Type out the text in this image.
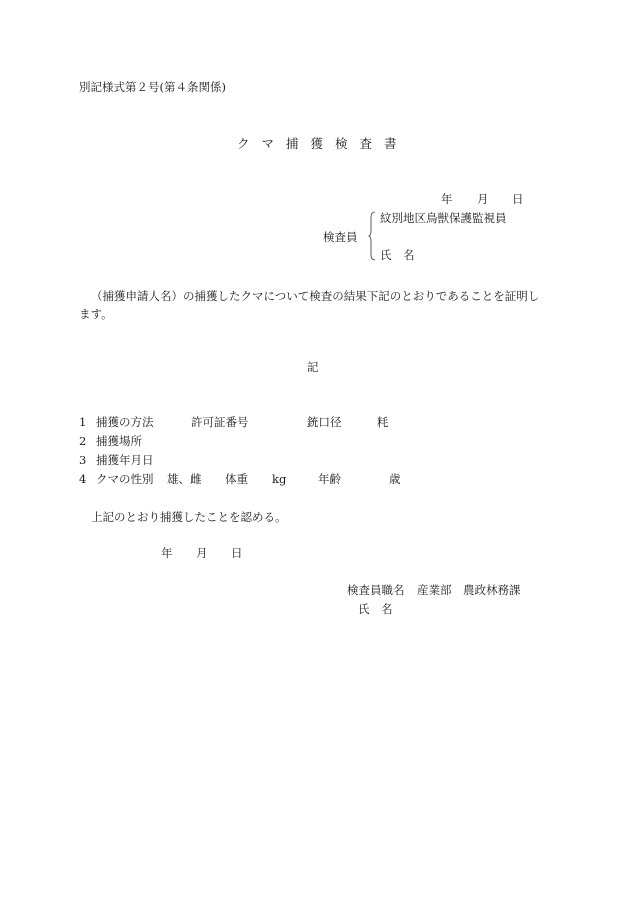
別記様式第２号(第４条関係)
クマ捕獲検査書
年 月 日
検査員
紋別地区鳥獣保護監視員
氏　名
（捕獲申請人名）の捕獲したクマについて検査の結果下記のとおりであることを証明します。
記
1 捕獲の方法	許可証番号	銃口径	粍
2 捕獲場所
3 捕獲年月日
4 クマの性別 雄、雌 体重 kg	年齢	歳
上記のとおり捕獲したことを認める。
年 月 日
検査員職名 産業部 農政林務課
氏　名
